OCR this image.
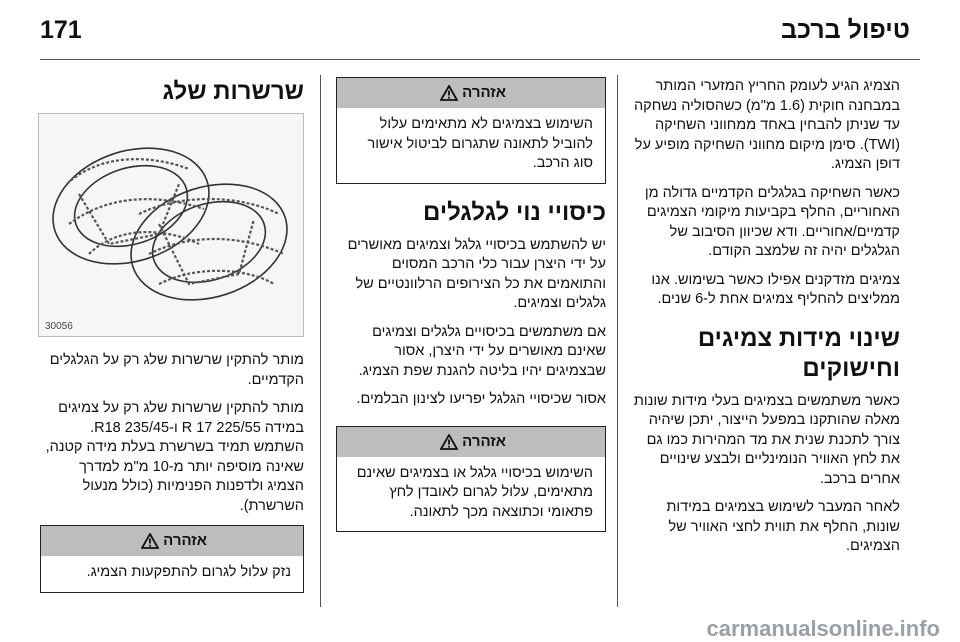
171	טיפול ברכב

הצמיג הגיע לעומק החריץ המזערי המותר במבחנה חוקית (1.6 מ"מ) כשהסוליה נשחקה עד שניתן להבחין באחד ממחווני השחיקה (TWI). סימן מיקום מחווני השחיקה מופיע על דופן הצמיג.

כאשר השחיקה בגלגלים הקדמיים גדולה מן האחוריים, החלף בקביעות מיקומי הצמיגים קדמיים/אחוריים. ודא שכיוון הסיבוב של הגלגלים יהיה זה שלמצב הקודם.

צמיגים מזדקנים אפילו כאשר בשימוש. אנו ממליצים להחליף צמיגים אחת ל-6 שנים.

שינוי מידות צמיגים וחישוקים

כאשר משתמשים בצמיגים בעלי מידות שונות מאלה שהותקנו במפעל הייצור, יתכן שיהיה צורך לתכנת שנית את מד המהירות כמו גם את לחץ האוויר הנומינליים ולבצע שינויים אחרים ברכב.

לאחר המעבר לשימוש בצמיגים במידות שונות, החלף את תווית לחצי האוויר של הצמיגים.

אזהרה
השימוש בצמיגים לא מתאימים עלול להוביל לתאונה שתגרום לביטול אישור סוג הרכב.
כיסויי נוי לגלגלים

יש להשתמש בכיסויי גלגל וצמיגים מאושרים על ידי היצרן עבור כלי הרכב המסוים והתואמים את כל הצירופים הרלוונטיים של גלגלים וצמיגים.

אם משתמשים בכיסויים גלגלים וצמיגים שאינם מאושרים על ידי היצרן, אסור שבצמיגים יהיו בליטה להגנת שפת הצמיג.

אסור שכיסויי הגלגל יפריעו לצינון הבלמים.

אזהרה
השימוש בכיסויי גלגל או בצמיגים שאינם מתאימים, עלול לגרום לאובדן לחץ פתאומי וכתוצאה מכך לתאונה.
שרשרות שלג
30056

מותר להתקין שרשרות שלג רק על הגלגלים הקדמיים.

מותר להתקין שרשרות שלג רק על צמיגים במידה 225/55 R 17 ו-235/45 R18. השתמש תמיד בשרשרת בעלת מידה קטנה, שאינה מוסיפה יותר מ-10 מ"מ למדרך הצמיג ולדפנות הפנימיות (כולל מנעול השרשרת).

אזהרה
נזק עלול לגרום להתפקעות הצמיג.
carmanualsonline.info
